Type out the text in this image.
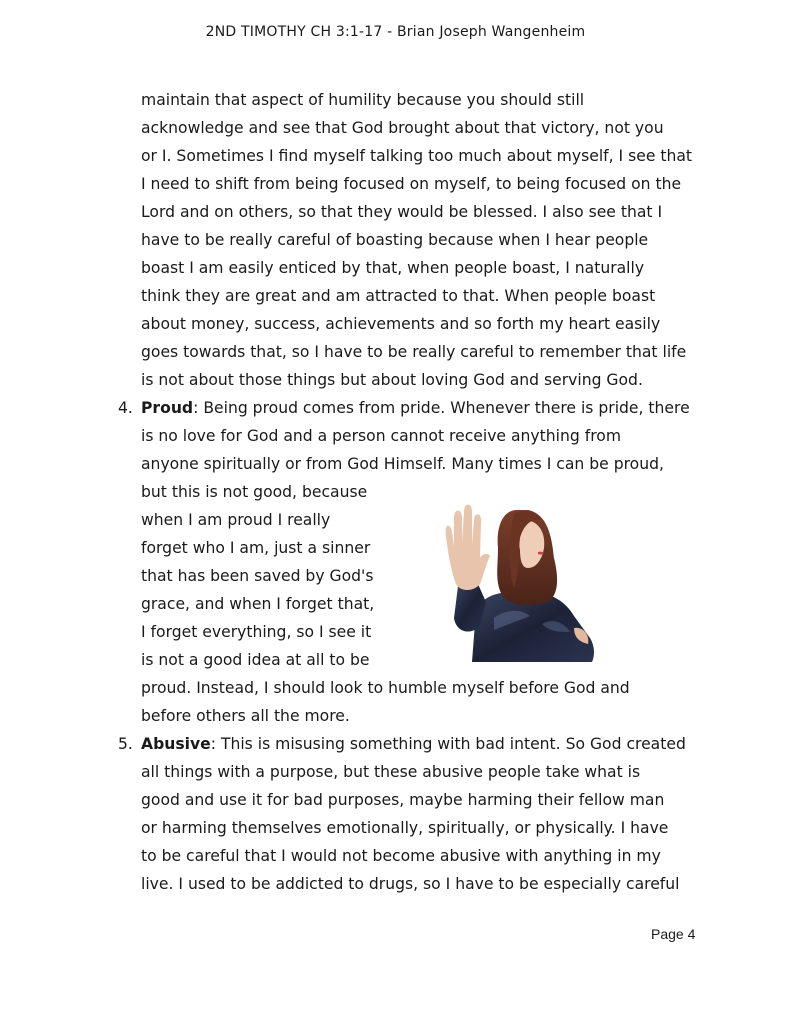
2ND TIMOTHY CH 3:1-17 - Brian Joseph Wangenheim
maintain that aspect of humility because you should still
acknowledge and see that God brought about that victory, not you
or I. Sometimes I find myself talking too much about myself, I see that
I need to shift from being focused on myself, to being focused on the
Lord and on others, so that they would be blessed. I also see that I
have to be really careful of boasting because when I hear people
boast I am easily enticed by that, when people boast, I naturally
think they are great and am attracted to that. When people boast
about money, success, achievements and so forth my heart easily
goes towards that, so I have to be really careful to remember that life
is not about those things but about loving God and serving God.
4. Proud: Being proud comes from pride. Whenever there is pride, there
is no love for God and a person cannot receive anything from
anyone spiritually or from God Himself. Many times I can be proud,
but this is not good, because
when I am proud I really
forget who I am, just a sinner
that has been saved by God's
grace, and when I forget that,
I forget everything, so I see it
is not a good idea at all to be
proud. Instead, I should look to humble myself before God and
before others all the more.
5. Abusive: This is misusing something with bad intent. So God created
all things with a purpose, but these abusive people take what is
good and use it for bad purposes, maybe harming their fellow man
or harming themselves emotionally, spiritually, or physically. I have
to be careful that I would not become abusive with anything in my
live. I used to be addicted to drugs, so I have to be especially careful
Page 4
